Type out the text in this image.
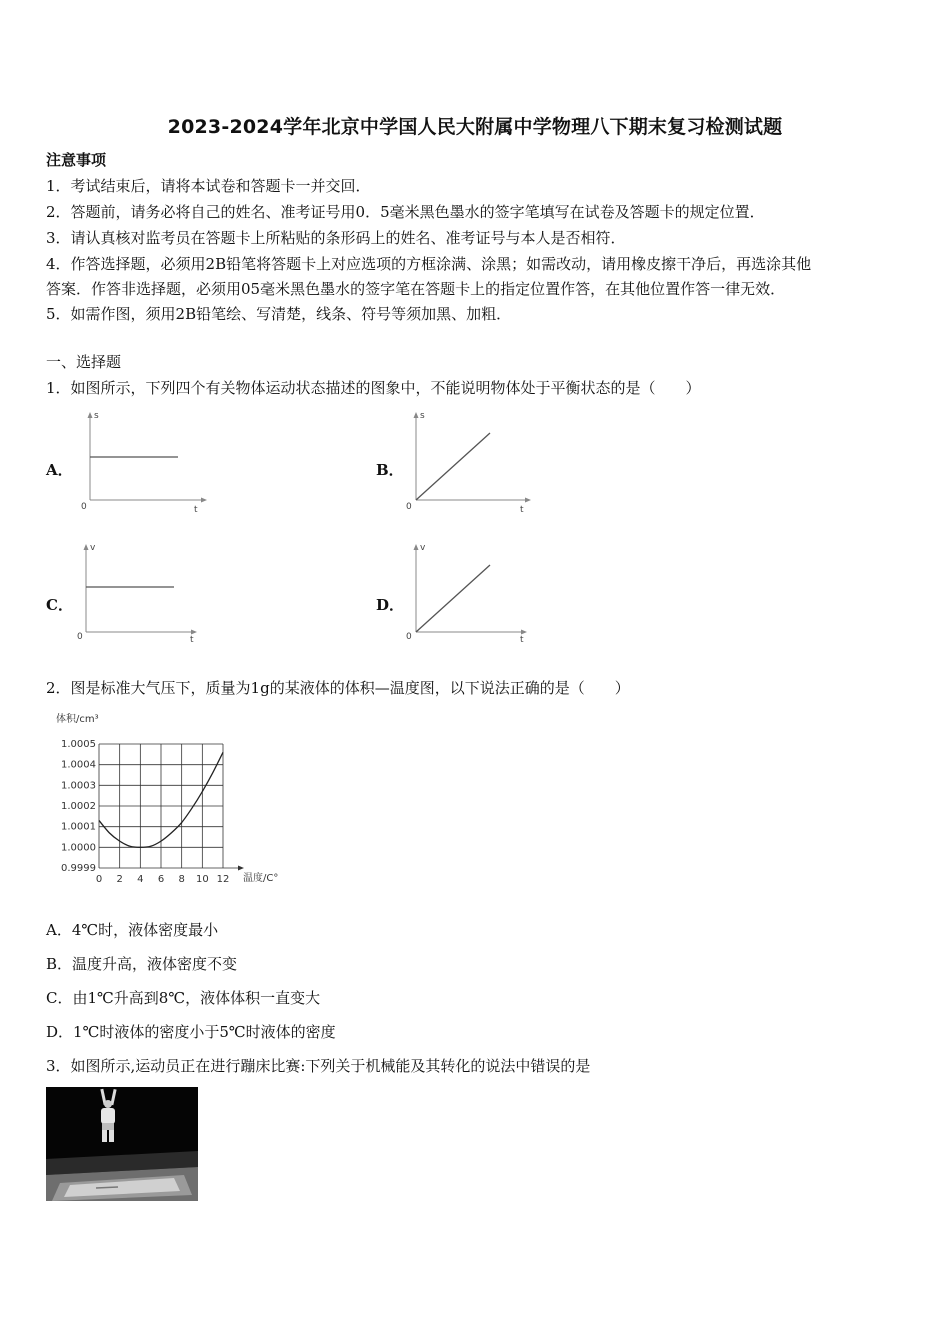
2023-2024学年北京中学国人民大附属中学物理八下期末复习检测试题
注意事项
1．考试结束后，请将本试卷和答题卡一并交回．
2．答题前，请务必将自己的姓名、准考证号用0．5毫米黑色墨水的签字笔填写在试卷及答题卡的规定位置．
3．请认真核对监考员在答题卡上所粘贴的条形码上的姓名、准考证号与本人是否相符．
4．作答选择题，必须用2B铅笔将答题卡上对应选项的方框涂满、涂黑；如需改动，请用橡皮擦干净后，再选涂其他
答案．作答非选择题，必须用05毫米黑色墨水的签字笔在答题卡上的指定位置作答，在其他位置作答一律无效．
5．如需作图，须用2B铅笔绘、写清楚，线条、符号等须加黑、加粗．
一、选择题
1．如图所示，下列四个有关物体运动状态描述的图象中，不能说明物体处于平衡状态的是（　　）
A．
s
0	t
B．
s
0	t
C．
v
0	t
D．
v
0	t
2．图是标准大气压下，质量为1g的某液体的体积—温度图，以下说法正确的是（　　）
体积/cm³
温度/C°
0.9999
1.0000
1.0001
1.0002
1.0003
1.0004
1.0005
0 2 4 6 8 10 12
A．4℃时，液体密度最小
B．温度升高，液体密度不变
C．由1℃升高到8℃，液体体积一直变大
D．1℃时液体的密度小于5℃时液体的密度
3．如图所示,运动员正在进行蹦床比赛:下列关于机械能及其转化的说法中错误的是
